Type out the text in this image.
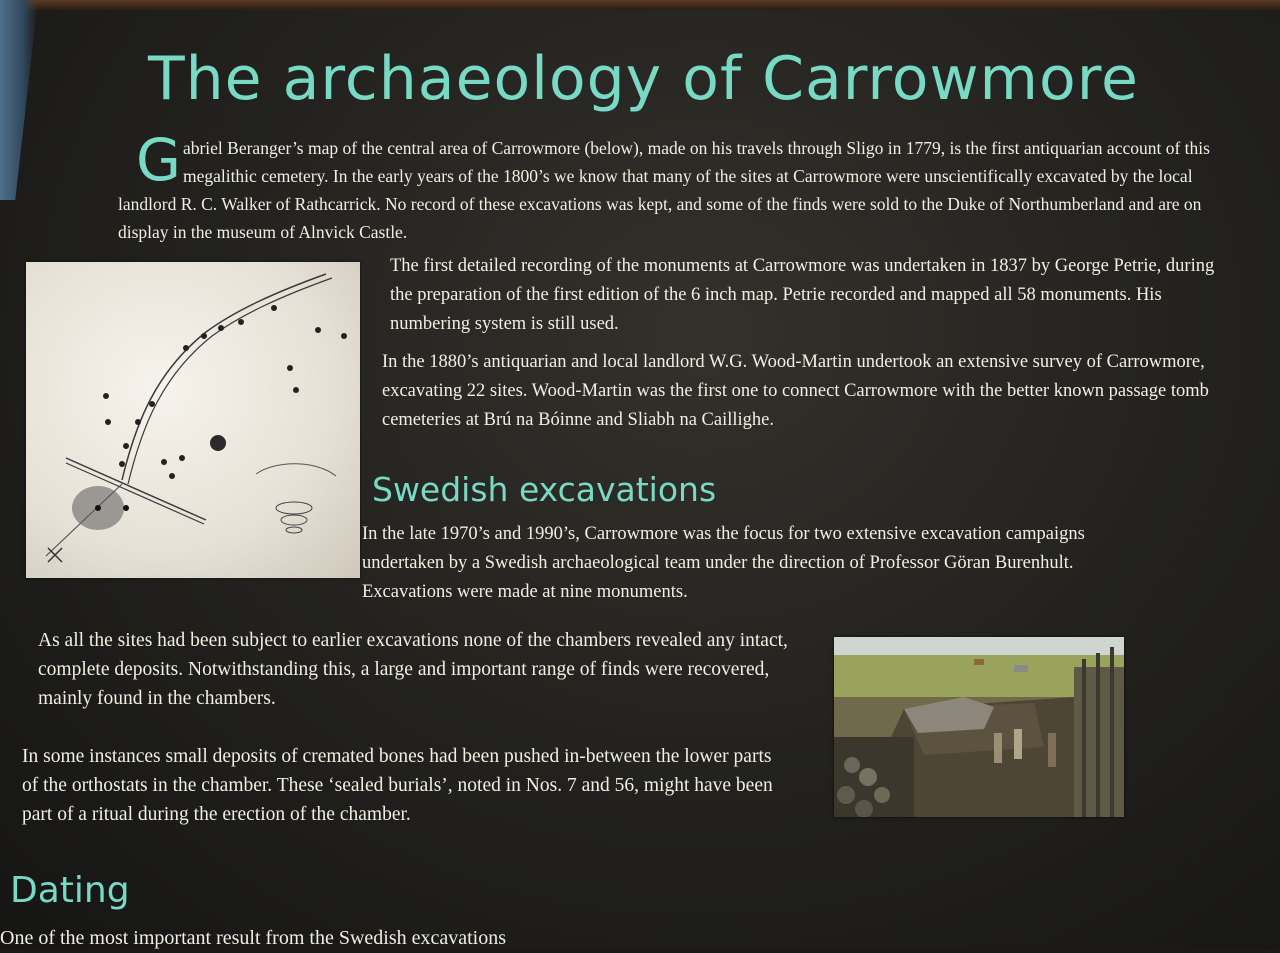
The archaeology of Carrowmore

Gabriel Beranger’s map of the central area of Carrowmore (below), made on his travels through Sligo in 1779, is the first antiquarian account of this megalithic cemetery. In the early years of the 1800’s we know that many of the sites at Carrowmore were unscientifically excavated by the local landlord R. C. Walker of Rathcarrick. No record of these excavations was kept, and some of the finds were sold to the Duke of Northumberland and are on display in the museum of Alnvick Castle.

The first detailed recording of the monuments at Carrowmore was undertaken in 1837 by George Petrie, during the preparation of the first edition of the 6 inch map. Petrie recorded and mapped all 58 monuments. His numbering system is still used.

In the 1880’s antiquarian and local landlord W.G. Wood-Martin undertook an extensive survey of Carrowmore, excavating 22 sites. Wood-Martin was the first one to connect Carrowmore with the better known passage tomb cemeteries at Brú na Bóinne and Sliabh na Caillighe.

Swedish excavations

In the late 1970’s and 1990’s, Carrowmore was the focus for two extensive excavation campaigns undertaken by a Swedish archaeological team under the direction of Professor Göran Burenhult. Excavations were made at nine monuments.

As all the sites had been subject to earlier excavations none of the chambers revealed any intact, complete deposits. Notwithstanding this, a large and important range of finds were recovered, mainly found in the chambers.

In some instances small deposits of cremated bones had been pushed in-between the lower parts of the orthostats in the chamber. These ‘sealed burials’, noted in Nos. 7 and 56, might have been part of a ritual during the erection of the chamber.

Dating

One of the most important result from the Swedish excavations
